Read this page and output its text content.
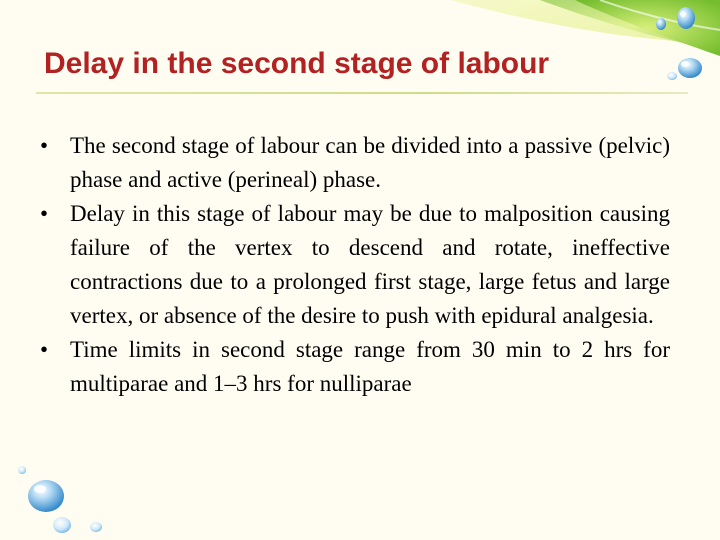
Delay in the second stage of labour
• The second stage of labour can be divided into a passive (pelvic) phase and active (perineal) phase.
• Delay in this stage of labour may be due to malposition causing failure of the vertex to descend and rotate, ineffective contractions due to a prolonged first stage, large fetus and large vertex, or absence of the desire to push with epidural analgesia.
• Time limits in second stage range from 30 min to 2 hrs for multiparae and 1–3 hrs for nulliparae
